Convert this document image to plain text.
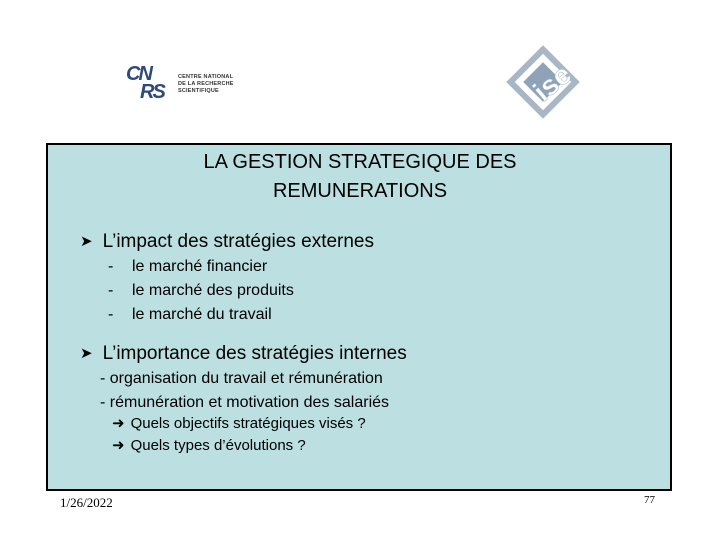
CN
RS
CENTRE NATIONAL
DE LA RECHERCHE
SCIENTIFIQUE	ise
LA GESTION STRATEGIQUE DES
REMUNERATIONS
➤ L’impact des stratégies externes
- le marché financier
- le marché des produits
- le marché du travail
➤ L’importance des stratégies internes
- organisation du travail et rémunération
- rémunération et motivation des salariés
➜ Quels objectifs stratégiques visés ?
➜ Quels types d’évolutions ?
1/26/2022	77
